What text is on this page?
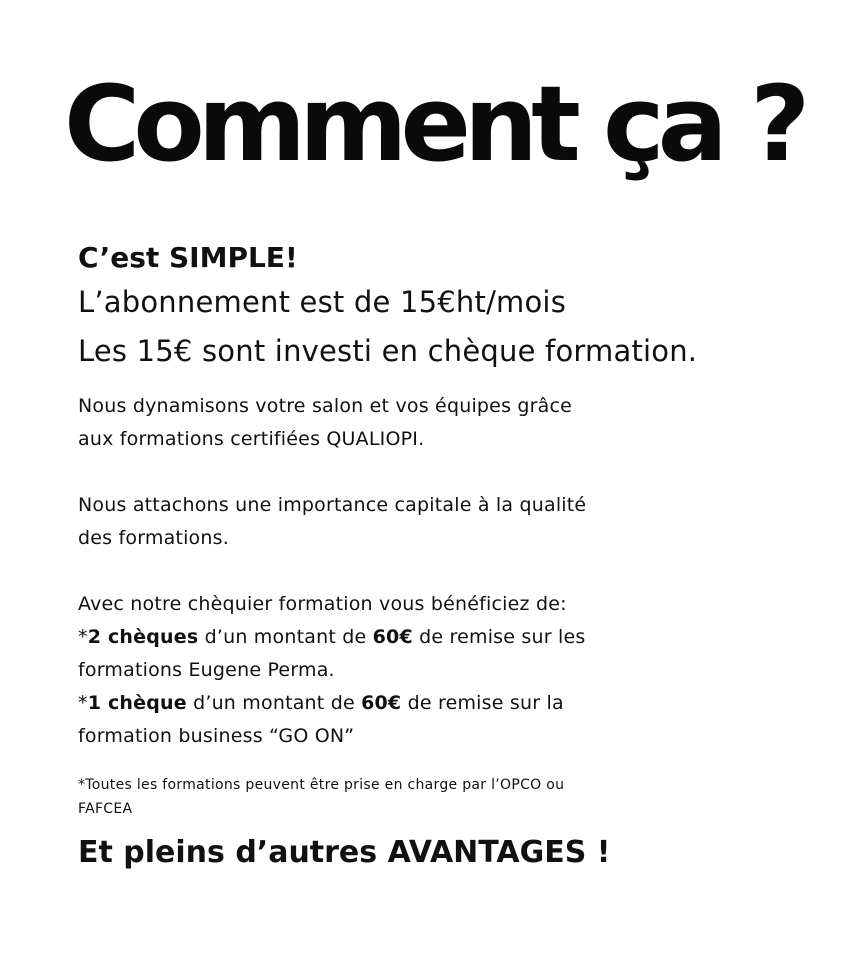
Comment ça ?

C’est SIMPLE!

L’abonnement est de 15€ht/mois
Les 15€ sont investi en chèque formation.

Nous dynamisons votre salon et vos équipes grâce
aux formations certifiées QUALIOPI.

Nous attachons une importance capitale à la qualité
des formations.

Avec notre chèquier formation vous bénéficiez de:
*2 chèques d’un montant de 60€ de remise sur les
formations Eugene Perma.
*1 chèque d’un montant de 60€ de remise sur la
formation business “GO ON”
*Toutes les formations peuvent être prise en charge par l’OPCO ou
FAFCEA
Et pleins d’autres AVANTAGES !
